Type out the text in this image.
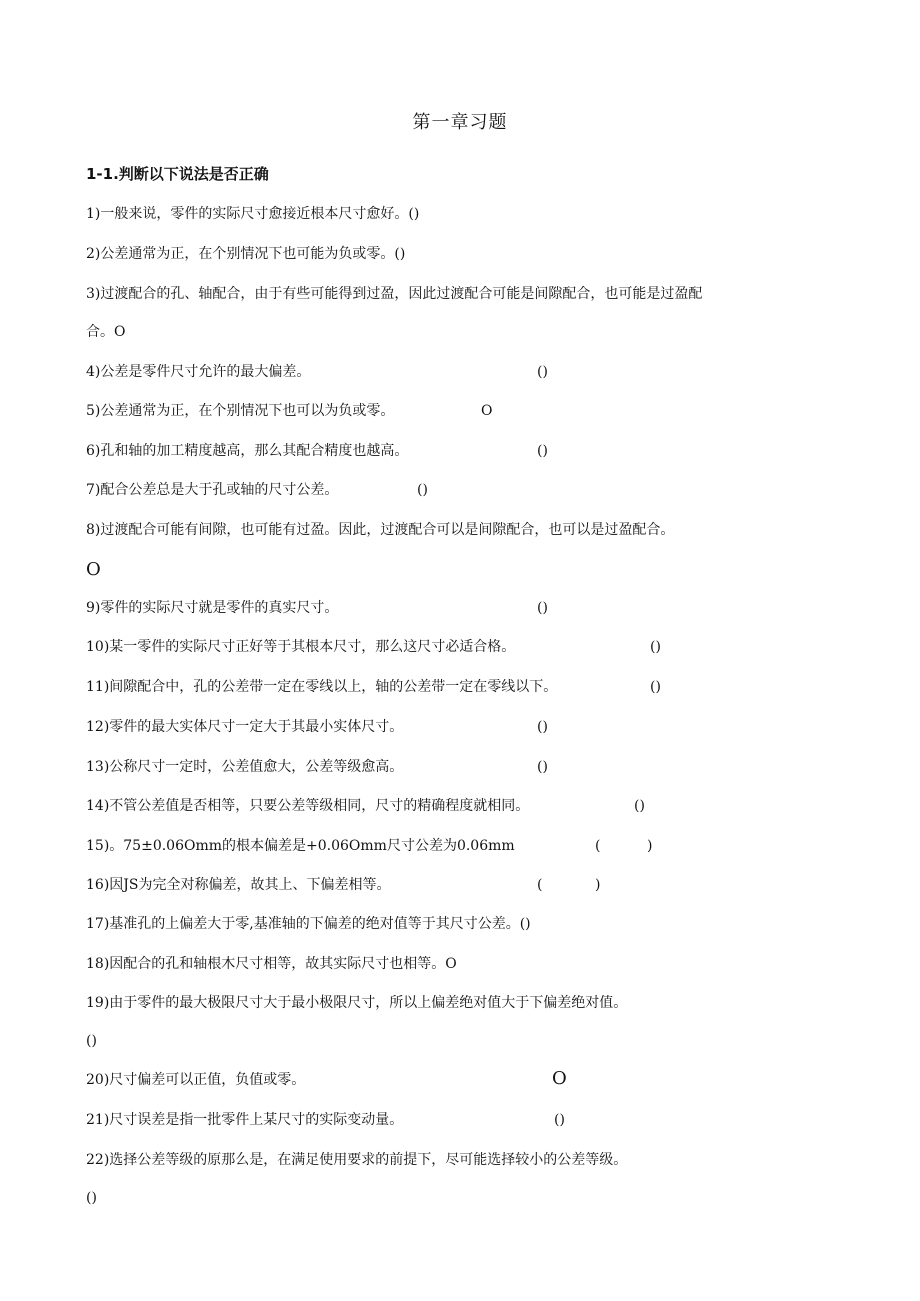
第一章习题
1-1.判断以下说法是否正确
1)一般来说，零件的实际尺寸愈接近根本尺寸愈好。()
2)公差通常为正，在个别情况下也可能为负或零。()
3)过渡配合的孔、轴配合，由于有些可能得到过盈，因此过渡配合可能是间隙配合，也可能是过盈配
合。O
4)公差是零件尺寸允许的最大偏差。	()
5)公差通常为正，在个别情况下也可以为负或零。	O
6)孔和轴的加工精度越高，那么其配合精度也越高。	()
7)配合公差总是大于孔或轴的尺寸公差。	()
8)过渡配合可能有间隙，也可能有过盈。因此，过渡配合可以是间隙配合，也可以是过盈配合。
O
9)零件的实际尺寸就是零件的真实尺寸。	()
10)某一零件的实际尺寸正好等于其根本尺寸，那么这尺寸必适合格。	()
11)间隙配合中，孔的公差带一定在零线以上，轴的公差带一定在零线以下。	()
12)零件的最大实体尺寸一定大于其最小实体尺寸。	()
13)公称尺寸一定时，公差值愈大，公差等级愈高。	()
14)不管公差值是否相等，只要公差等级相同，尺寸的精确程度就相同。	()
15)。75±0.06Omm的根本偏差是+0.06Omm尺寸公差为0.06mm	(	)
16)因JS为完全对称偏差，故其上、下偏差相等。	(	)
17)基准孔的上偏差大于零,基准轴的下偏差的绝对值等于其尺寸公差。()
18)因配合的孔和轴根木尺寸相等，故其实际尺寸也相等。O
19)由于零件的最大极限尺寸大于最小极限尺寸，所以上偏差绝对值大于下偏差绝对值。
()
20)尺寸偏差可以正值，负值或零。	O
21)尺寸误差是指一批零件上某尺寸的实际变动量。	()
22)选择公差等级的原那么是，在满足使用要求的前提下，尽可能选择较小的公差等级。
()
